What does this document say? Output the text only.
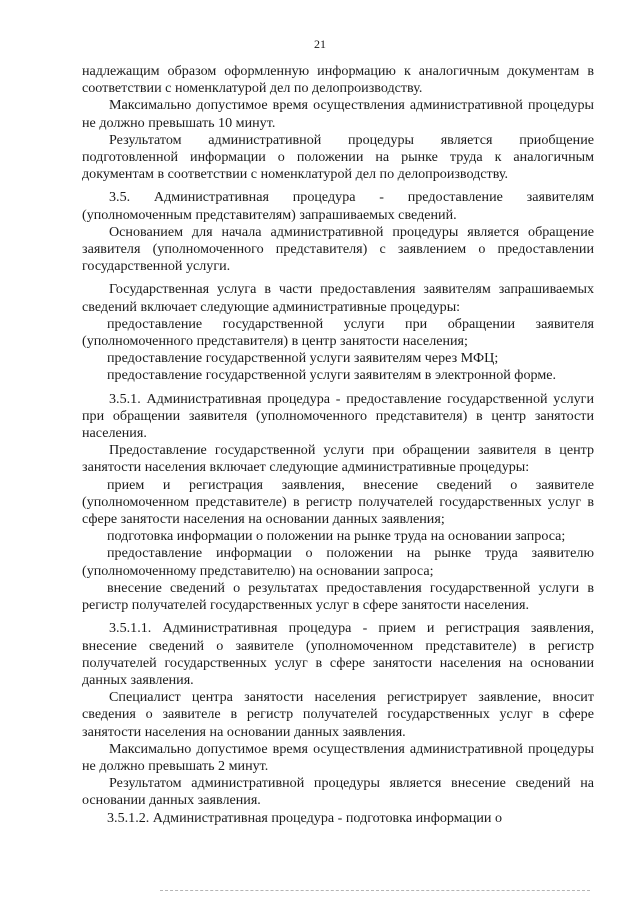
21

надлежащим образом оформленную информацию к аналогичным документам в соответствии с номенклатурой дел по делопроизводству.

Максимально допустимое время осуществления административной процедуры не должно превышать 10 минут.

Результатом административной процедуры является приобщение подготовленной информации о положении на рынке труда к аналогичным документам в соответствии с номенклатурой дел по делопроизводству.

3.5. Административная процедура - предоставление заявителям (уполномоченным представителям) запрашиваемых сведений.

Основанием для начала административной процедуры является обращение заявителя (уполномоченного представителя) с заявлением о предоставлении государственной услуги.

Государственная услуга в части предоставления заявителям запрашиваемых сведений включает следующие административные процедуры:

предоставление государственной услуги при обращении заявителя (уполномоченного представителя) в центр занятости населения;

предоставление государственной услуги заявителям через МФЦ;

предоставление государственной услуги заявителям в электронной форме.

3.5.1. Административная процедура - предоставление государственной услуги при обращении заявителя (уполномоченного представителя) в центр занятости населения.

Предоставление государственной услуги при обращении заявителя в центр занятости населения включает следующие административные процедуры:

прием и регистрация заявления, внесение сведений о заявителе (уполномоченном представителе) в регистр получателей государственных услуг в сфере занятости населения на основании данных заявления;

подготовка информации о положении на рынке труда на основании запроса;

предоставление информации о положении на рынке труда заявителю (уполномоченному представителю) на основании запроса;

внесение сведений о результатах предоставления государственной услуги в регистр получателей государственных услуг в сфере занятости населения.

3.5.1.1. Административная процедура - прием и регистрация заявления, внесение сведений о заявителе (уполномоченном представителе) в регистр получателей государственных услуг в сфере занятости населения на основании данных заявления.

Специалист центра занятости населения регистрирует заявление, вносит сведения о заявителе в регистр получателей государственных услуг в сфере занятости населения на основании данных заявления.

Максимально допустимое время осуществления административной процедуры не должно превышать 2 минут.

Результатом административной процедуры является внесение сведений на основании данных заявления.

3.5.1.2. Административная процедура - подготовка информации о
